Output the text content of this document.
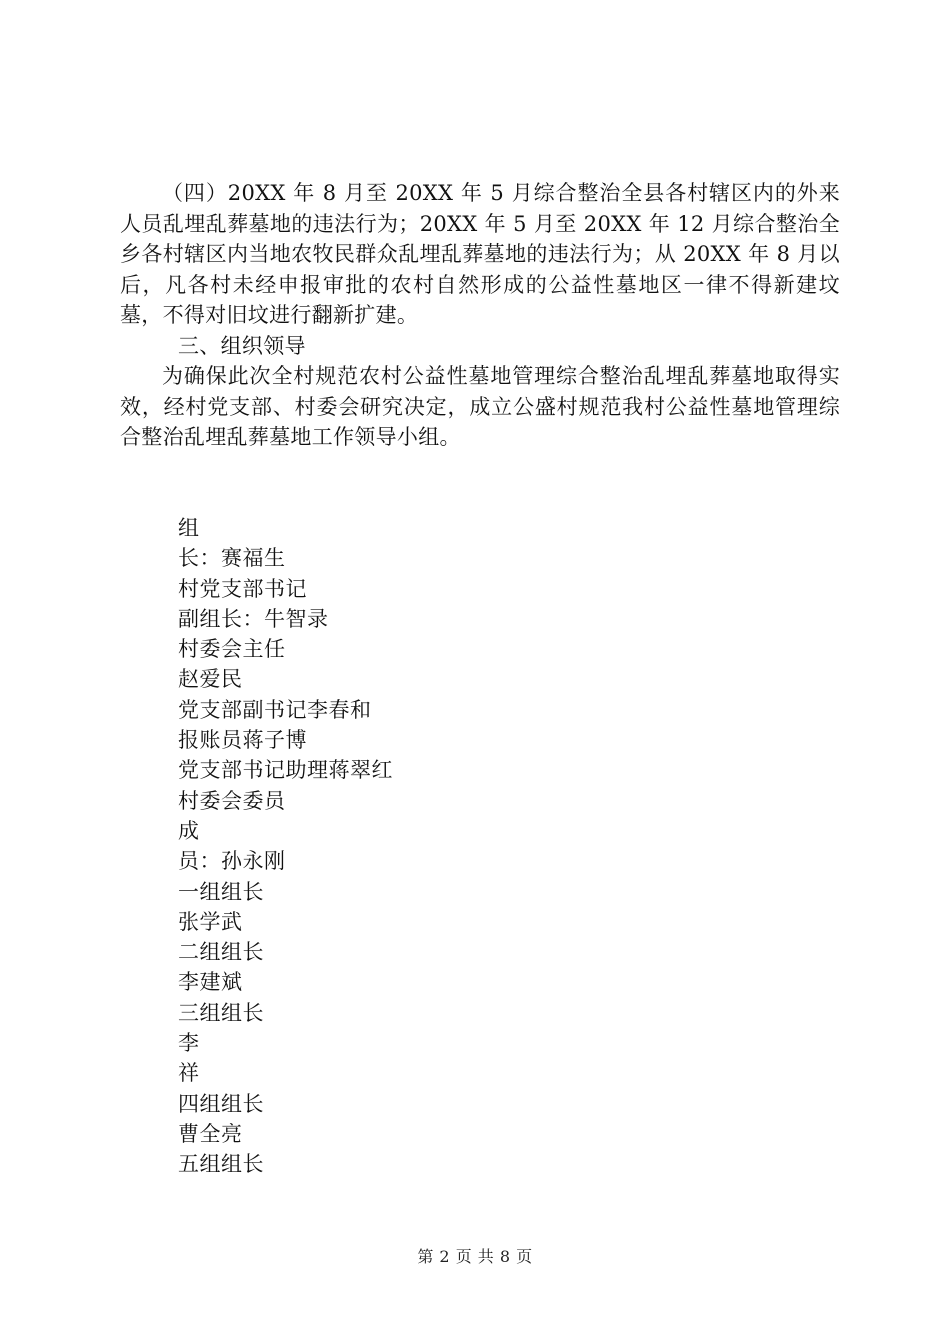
（四）20XX 年 8 月至 20XX 年 5 月综合整治全县各村辖区内的外来人员乱埋乱葬墓地的违法行为；20XX 年 5 月至 20XX 年 12 月综合整治全乡各村辖区内当地农牧民群众乱埋乱葬墓地的违法行为；从 20XX 年 8 月以后，凡各村未经申报审批的农村自然形成的公益性墓地区一律不得新建坟墓，不得对旧坟进行翻新扩建。

三、组织领导

为确保此次全村规范农村公益性墓地管理综合整治乱埋乱葬墓地取得实效，经村党支部、村委会研究决定，成立公盛村规范我村公益性墓地管理综合整治乱埋乱葬墓地工作领导小组。

组
长：赛福生
村党支部书记
副组长：牛智录
村委会主任
赵爱民
党支部副书记李春和
报账员蒋子博
党支部书记助理蒋翠红
村委会委员
成
员：孙永刚
一组组长
张学武
二组组长
李建斌
三组组长
李
祥
四组组长
曹全亮
五组组长
第 2 页 共 8 页
